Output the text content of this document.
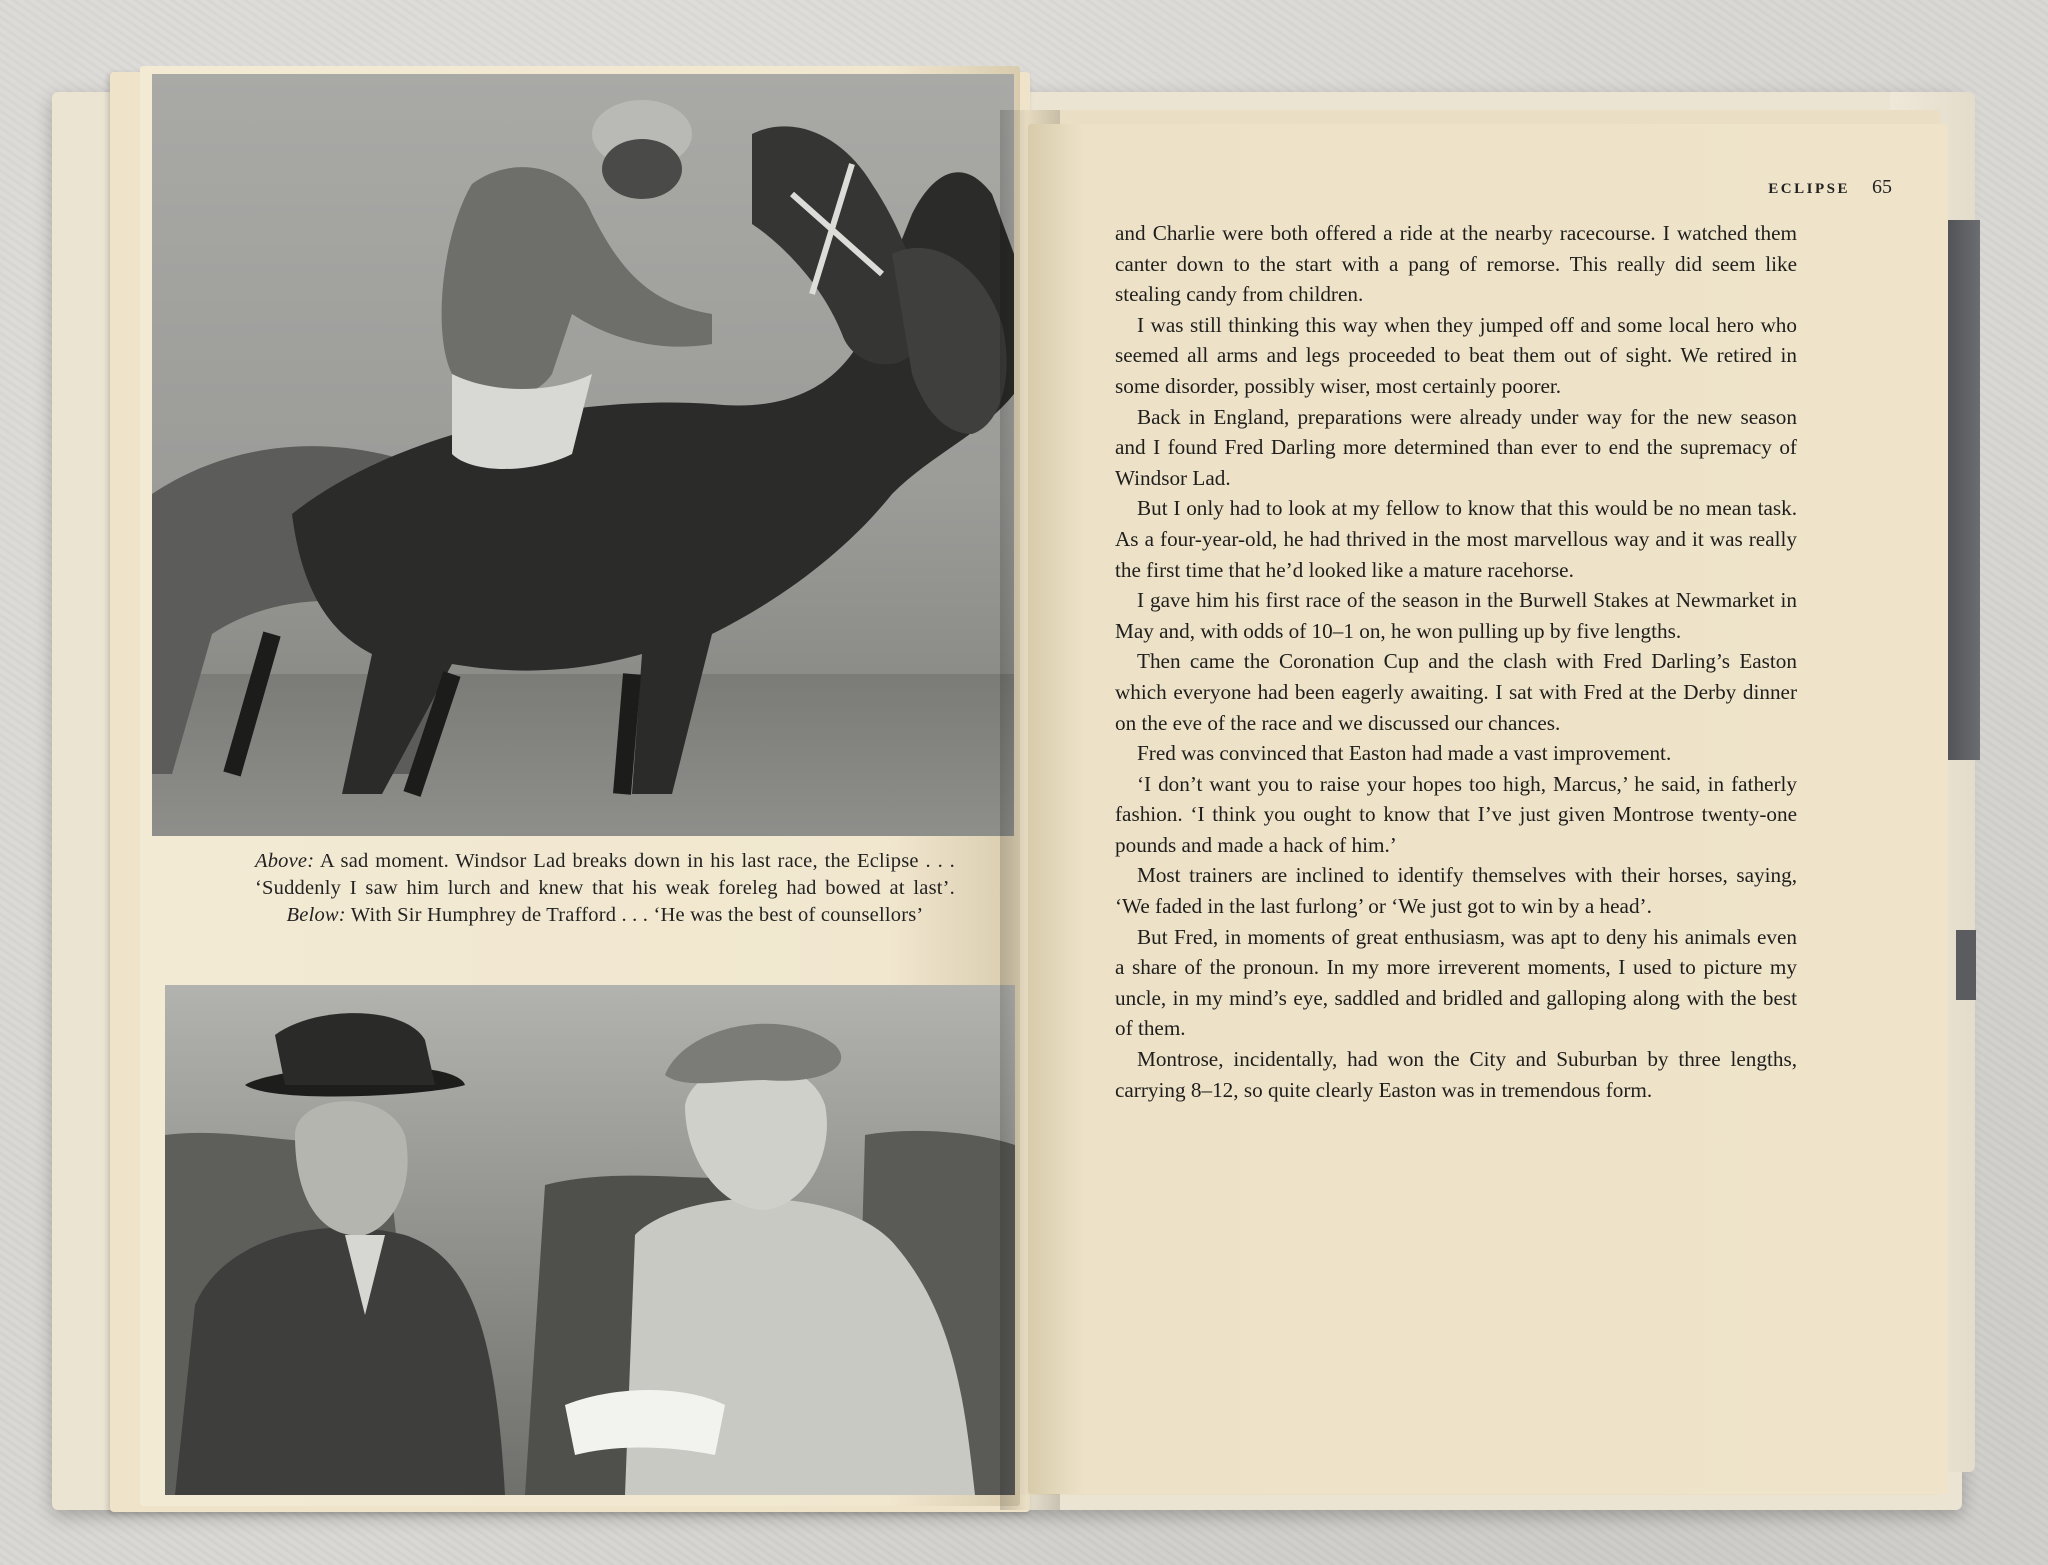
Above: A sad moment. Windsor Lad breaks down in his last race, the Eclipse . . . ‘Suddenly I saw him lurch and knew that his weak foreleg had bowed at last’. Below: With Sir Humphrey de Trafford . . . ‘He was the best of counsellors’
ECLIPSE 65

and Charlie were both offered a ride at the nearby racecourse. I watched them canter down to the start with a pang of remorse. This really did seem like stealing candy from children.

I was still thinking this way when they jumped off and some local hero who seemed all arms and legs proceeded to beat them out of sight. We retired in some disorder, possibly wiser, most certainly poorer.

Back in England, preparations were already under way for the new season and I found Fred Darling more determined than ever to end the supremacy of Windsor Lad.

But I only had to look at my fellow to know that this would be no mean task. As a four-year-old, he had thrived in the most marvellous way and it was really the first time that he’d looked like a mature racehorse.

I gave him his first race of the season in the Burwell Stakes at Newmarket in May and, with odds of 10–1 on, he won pulling up by five lengths.

Then came the Coronation Cup and the clash with Fred Darling’s Easton which everyone had been eagerly awaiting. I sat with Fred at the Derby dinner on the eve of the race and we discussed our chances.

Fred was convinced that Easton had made a vast improvement.

‘I don’t want you to raise your hopes too high, Marcus,’ he said, in fatherly fashion. ‘I think you ought to know that I’ve just given Montrose twenty-one pounds and made a hack of him.’

Most trainers are inclined to identify themselves with their horses, saying, ‘We faded in the last furlong’ or ‘We just got to win by a head’.

But Fred, in moments of great enthusiasm, was apt to deny his animals even a share of the pronoun. In my more irreverent moments, I used to picture my uncle, in my mind’s eye, saddled and bridled and galloping along with the best of them.

Montrose, incidentally, had won the City and Suburban by three lengths, carrying 8–12, so quite clearly Easton was in tremendous form.
